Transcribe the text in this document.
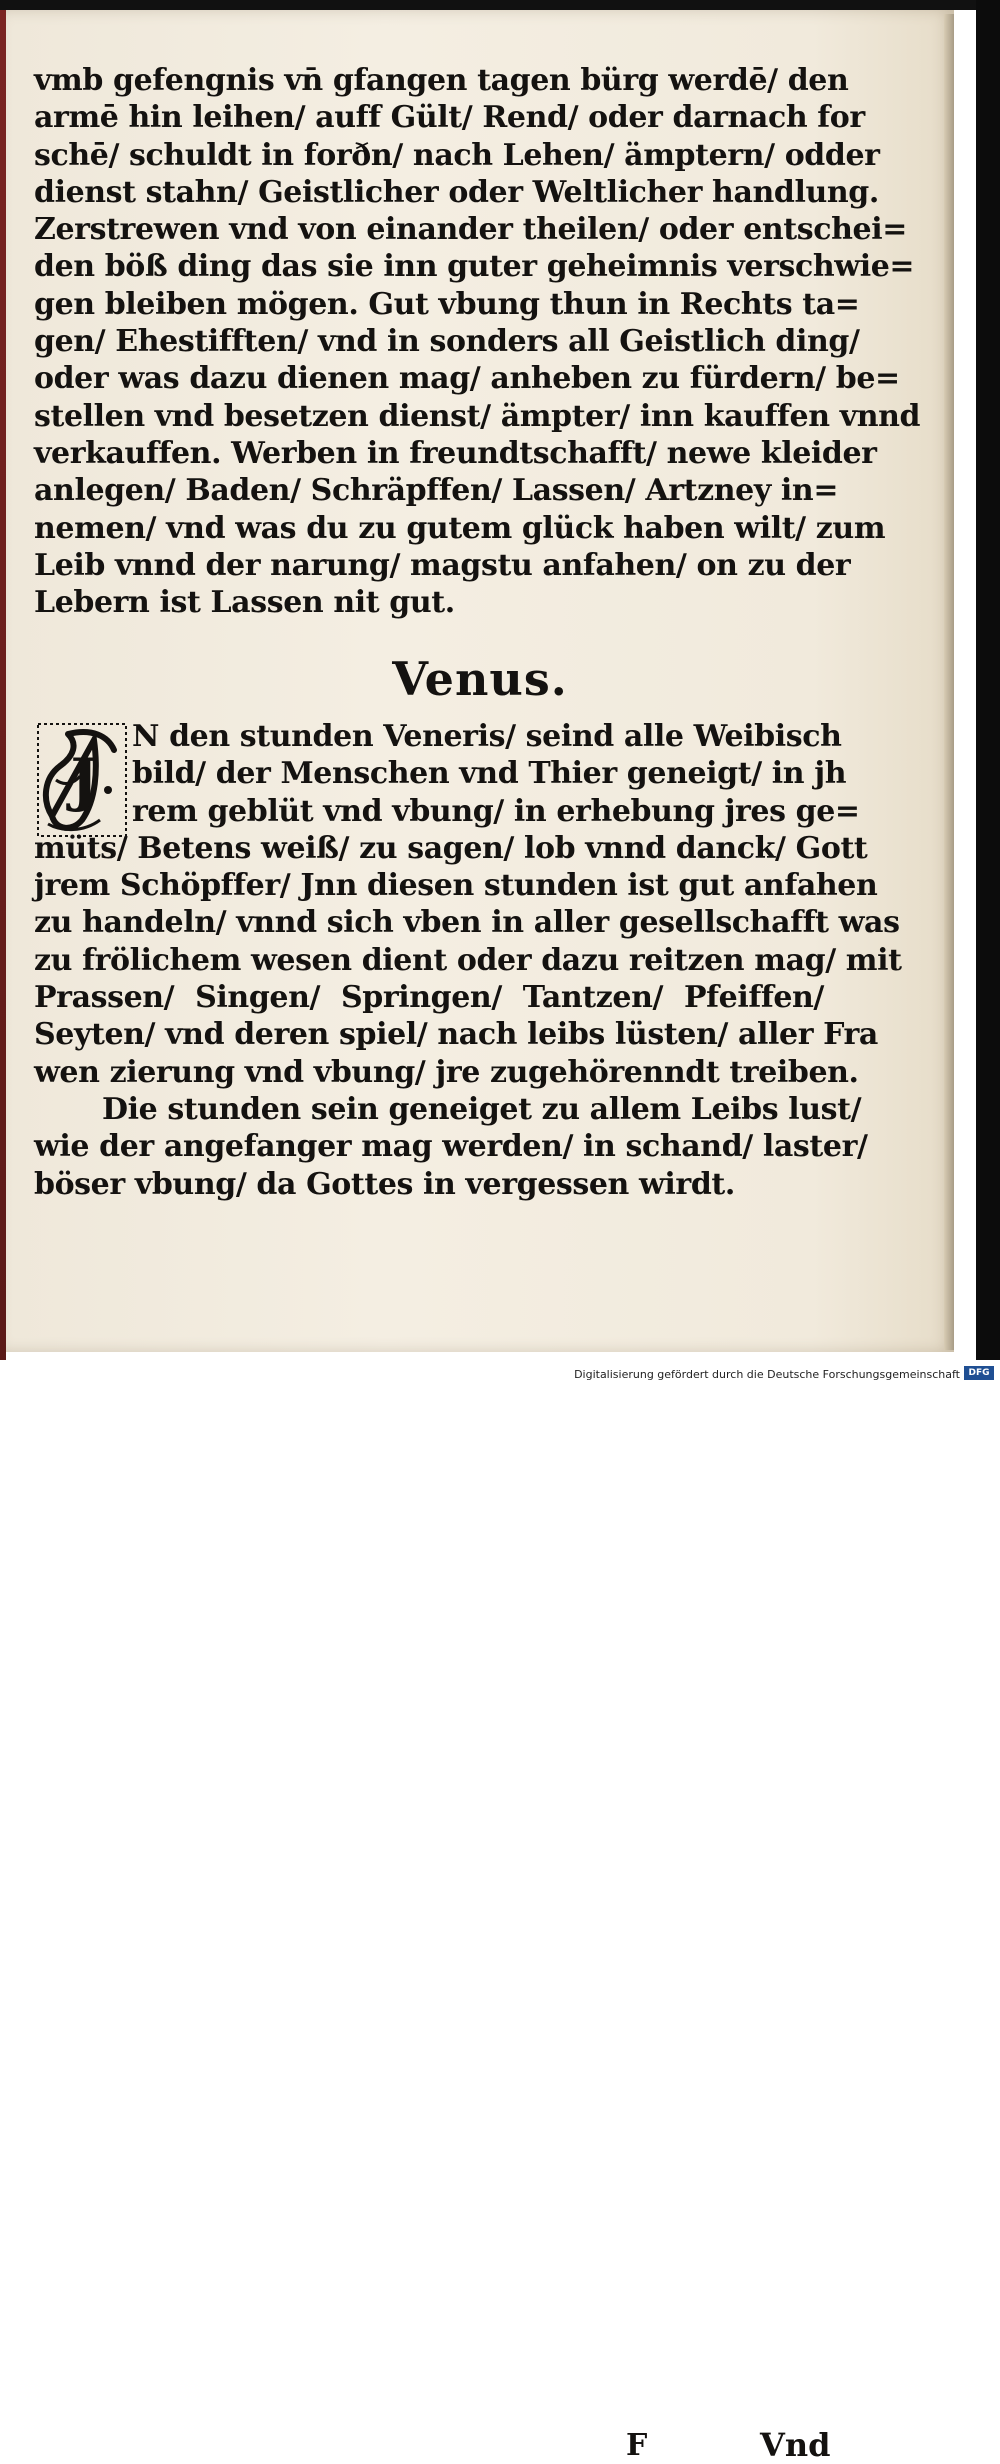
vmb gefengnis vn̄ gfangen tagen bürg werdē/ den
armē hin leihen/ auff Gült/ Rend/ oder darnach for
schē/ schuldt in forðn/ nach Lehen/ ämptern/ odder
dienst stahn/ Geistlicher oder Weltlicher handlung.
Zerstrewen vnd von einander theilen/ oder entschei=
den böß ding das sie inn guter geheimnis verschwie=
gen bleiben mögen. Gut vbung thun in Rechts ta=
gen/ Ehestifften/ vnd in sonders all Geistlich ding/
oder was dazu dienen mag/ anheben zu fürdern/ be=
stellen vnd besetzen dienst/ ämpter/ inn kauffen vnnd
verkauffen. Werben in freundtschafft/ newe kleider
anlegen/ Baden/ Schräpffen/ Lassen/ Artzney in=
nemen/ vnd was du zu gutem glück haben wilt/ zum
Leib vnnd der narung/ magstu anfahen/ on zu der
Lebern ist Lassen nit gut.
Venus.
J
N den stunden Veneris/ seind alle Weibisch
bild/ der Menschen vnd Thier geneigt/ in jh
rem geblüt vnd vbung/ in erhebung jres ge=
müts/ Betens weiß/ zu sagen/ lob vnnd danck/ Gott
jrem Schöpffer/ Jnn diesen stunden ist gut anfahen
zu handeln/ vnnd sich vben in aller gesellschafft was
zu frölichem wesen dient oder dazu reitzen mag/ mit
Prassen/ Singen/ Springen/ Tantzen/ Pfeiffen/
Seyten/ vnd deren spiel/ nach leibs lüsten/ aller Fra
wen zierung vnd vbung/ jre zugehörenndt treiben.
Die stunden sein geneiget zu allem Leibs lust/
wie der angefanger mag werden/ in schand/ laster/
böser vbung/ da Gottes in vergessen wirdt.
F	Vnd
Digitalisierung gefördert durch die Deutsche Forschungsgemeinschaft DFG
